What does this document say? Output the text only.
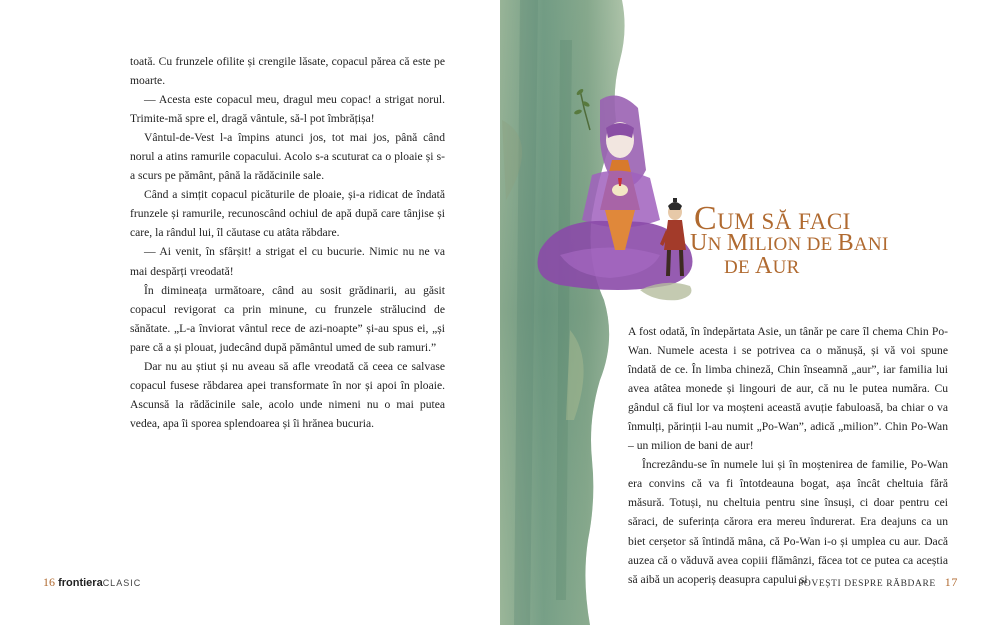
toată. Cu frunzele ofilite și crengile lăsate, copacul părea că este pe moarte.

— Acesta este copacul meu, dragul meu copac! a strigat norul. Trimite-mă spre el, dragă vântule, să-l pot îmbrățișa!

Vântul-de-Vest l-a împins atunci jos, tot mai jos, până când norul a atins ramurile copacului. Acolo s-a scuturat ca o ploaie și s-a scurs pe pământ, până la rădăcinile sale.

Când a simțit copacul picăturile de ploaie, și-a ridicat de îndată frunzele și ramurile, recunoscând ochiul de apă după care tânjise și care, la rândul lui, îl căutase cu atâta răbdare.

— Ai venit, în sfârșit! a strigat el cu bucurie. Nimic nu ne va mai despărți vreodată!

În dimineața următoare, când au sosit grădinarii, au găsit copacul revigorat ca prin minune, cu frunzele strălucind de sănătate. „L-a înviorat vântul rece de azi-noapte” și-au spus ei, „și pare că a și plouat, judecând după pământul umed de sub ramuri.”

Dar nu au știut și nu aveau să afle vreodată că ceea ce salvase copacul fusese răbdarea apei transformate în nor și apoi în ploaie. Ascunsă la rădăcinile sale, acolo unde nimeni nu o mai putea vedea, apa îi sporea splendoarea și îi hrănea bucuria.

16 frontieraCLASIC
CUM SĂ FACI
UN MILION DE BANI
DE AUR

A fost odată, în îndepărtata Asie, un tânăr pe care îl chema Chin Po-Wan. Numele acesta i se potrivea ca o mănușă, și vă voi spune îndată de ce. În limba chineză, Chin înseamnă „aur”, iar familia lui avea atâtea monede și lingouri de aur, că nu le putea număra. Cu gândul că fiul lor va moșteni această avuție fabuloasă, ba chiar o va înmulți, părinții l-au numit „Po-Wan”, adică „milion”. Chin Po-Wan – un milion de bani de aur!

Încrezându-se în numele lui și în moștenirea de familie, Po-Wan era convins că va fi întotdeauna bogat, așa încât cheltuia fără măsură. Totuși, nu cheltuia pentru sine însuși, ci doar pentru cei săraci, de suferința cărora era mereu îndurerat. Era deajuns ca un biet cerșetor să întindă mâna, că Po-Wan i-o și umplea cu aur. Dacă auzea că o văduvă avea copiii flămânzi, făcea tot ce putea ca aceștia să aibă un acoperiș deasupra capului și

POVEȘTI DESPRE RĂBDARE 17
